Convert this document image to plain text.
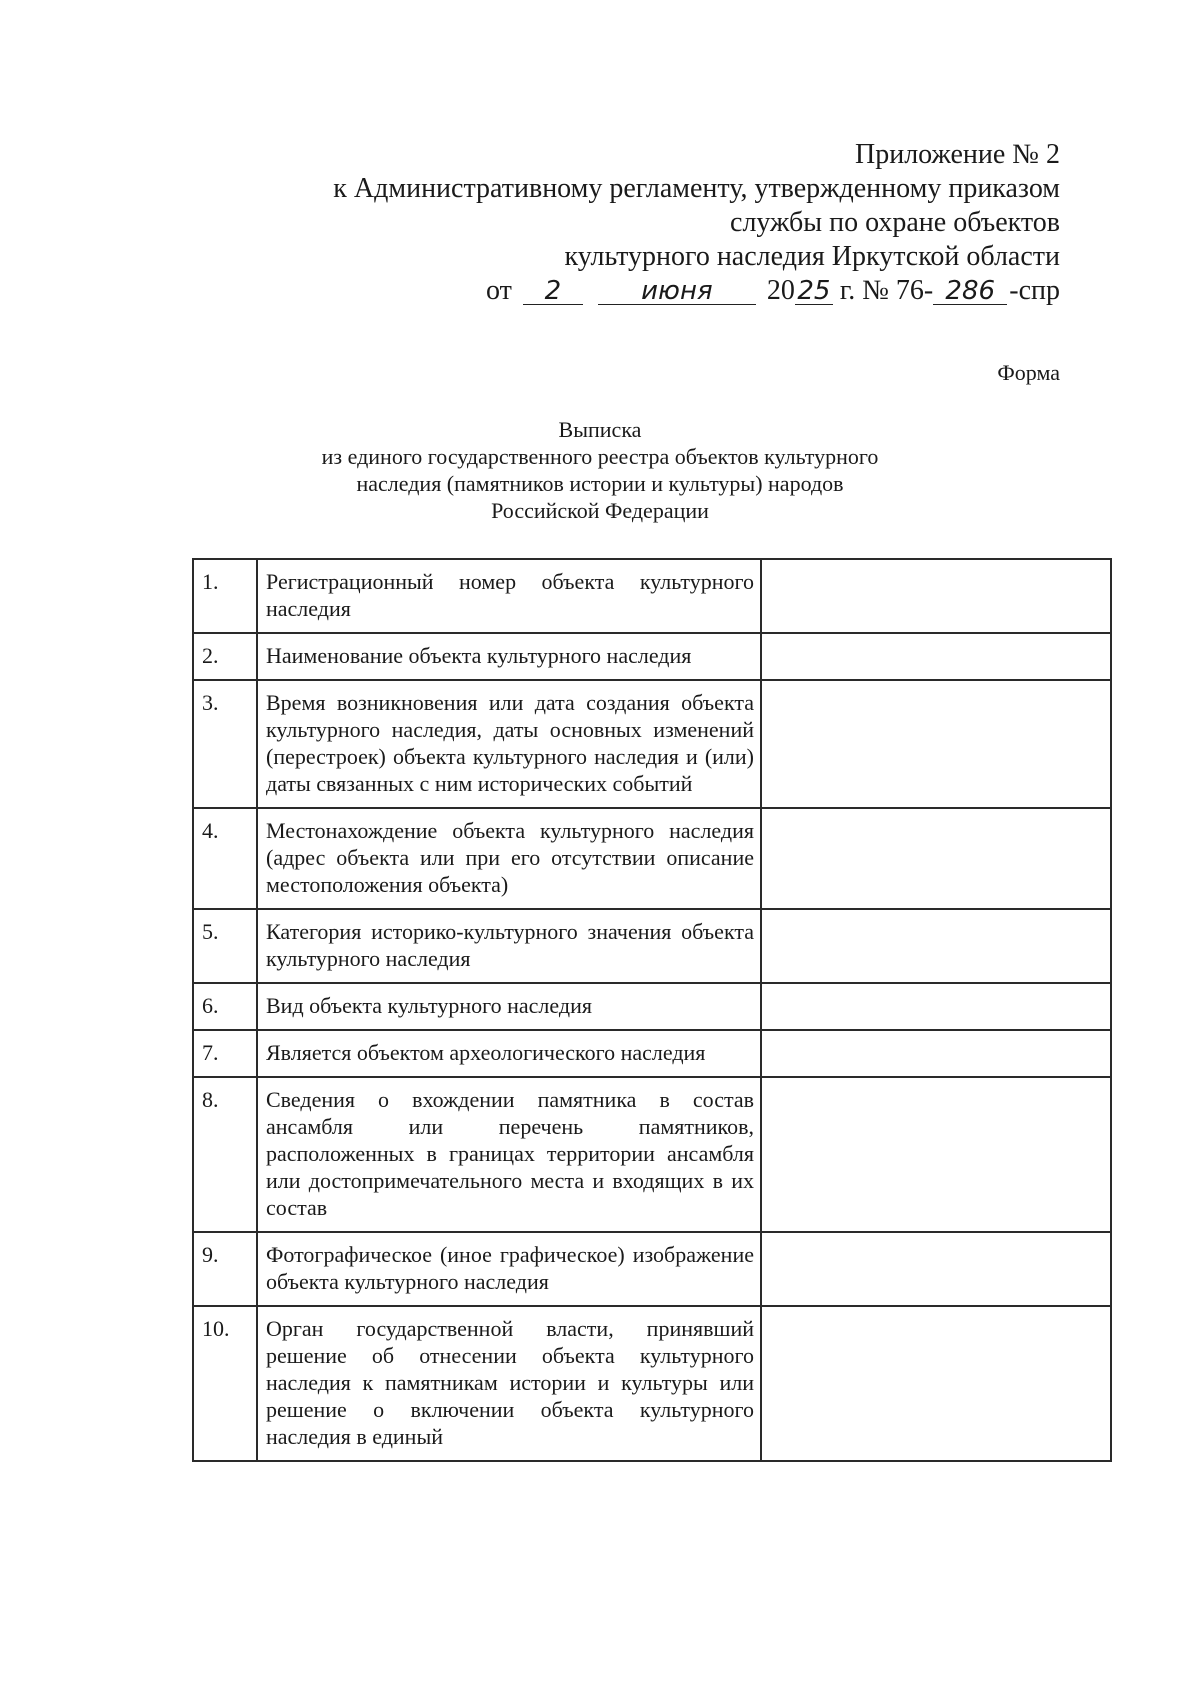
Приложение № 2
к Административному регламенту, утвержденному приказом
службы по охране объектов
культурного наследия Иркутской области
от 2	июня 2025 г. № 76- 286 -спр
Форма
Выписка
из единого государственного реестра объектов культурного
наследия (памятников истории и культуры) народов
Российской Федерации
1.	Регистрационный номер объекта культурного наследия	
2.	Наименование объекта культурного наследия	
3.	Время возникновения или дата создания объекта культурного наследия, даты основных изменений (перестроек) объекта культурного наследия и (или) даты связанных с ним исторических событий	
4.	Местонахождение объекта культурного наследия (адрес объекта или при его отсутствии описание местоположения объекта)	
5.	Категория историко-культурного значения объекта культурного наследия	
6.	Вид объекта культурного наследия	
7.	Является объектом археологического наследия	
8.	Сведения о вхождении памятника в состав ансамбля или перечень памятников, расположенных в границах территории ансамбля или достопримечательного места и входящих в их состав	
9.	Фотографическое (иное графическое) изображение объекта культурного наследия	
10.	Орган государственной власти, принявший решение об отнесении объекта культурного наследия к памятникам истории и культуры или решение о включении объекта культурного наследия в единый	
